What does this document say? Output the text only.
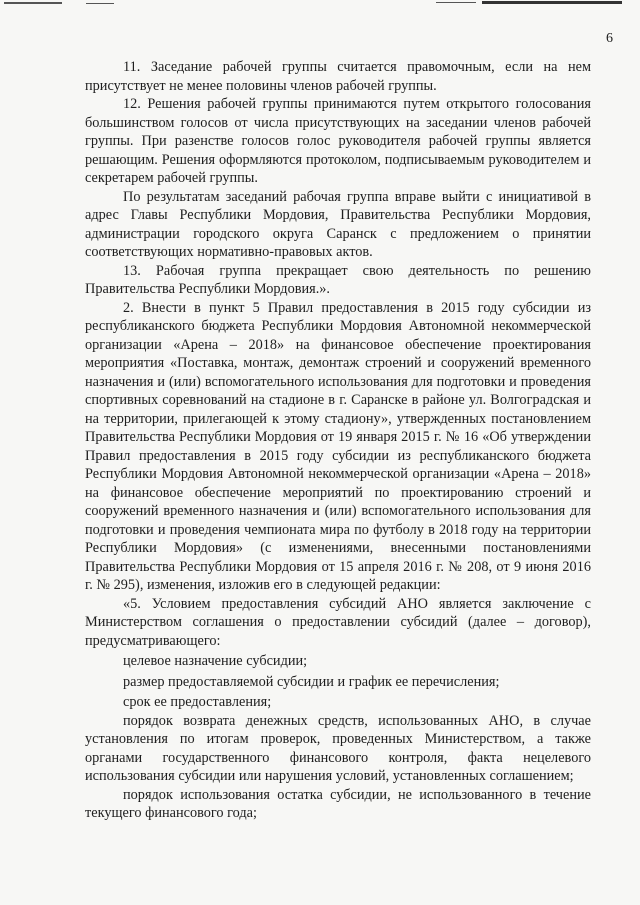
6

11. Заседание рабочей группы считается правомочным, если на нем присутствует не менее половины членов рабочей группы.

12. Решения рабочей группы принимаются путем открытого голосования большинством голосов от числа присутствующих на заседании членов рабочей группы. При разенстве голосов голос руководителя рабочей группы является решающим. Решения оформляются протоколом, подписываемым руководителем и секретарем рабочей группы.

По результатам заседаний рабочая группа вправе выйти с инициативой в адрес Главы Республики Мордовия, Правительства Республики Мордовия, администрации городского округа Саранск с предложением о принятии соответствующих нормативно-правовых актов.

13. Рабочая группа прекращает свою деятельность по решению Правительства Республики Мордовия.».

2. Внести в пункт 5 Правил предоставления в 2015 году субсидии из республиканского бюджета Республики Мордовия Автономной некоммерческой организации «Арена – 2018» на финансовое обеспечение проектирования мероприятия «Поставка, монтаж, демонтаж строений и сооружений временного назначения и (или) вспомогательного использования для подготовки и проведения спортивных соревнований на стадионе в г. Саранске в районе ул. Волгоградская и на территории, прилегающей к этому стадиону», утвержденных постановлением Правительства Республики Мордовия от 19 января 2015 г. № 16 «Об утверждении Правил предоставления в 2015 году субсидии из республиканского бюджета Республики Мордовия Автономной некоммерческой организации «Арена – 2018» на финансовое обеспечение мероприятий по проектированию строений и сооружений временного назначения и (или) вспомогательного использования для подготовки и проведения чемпионата мира по футболу в 2018 году на территории Республики Мордовия» (с изменениями, внесенными постановлениями Правительства Республики Мордовия от 15 апреля 2016 г. № 208, от 9 июня 2016 г. № 295), изменения, изложив его в следующей редакции:

«5. Условием предоставления субсидий АНО является заключение с Министерством соглашения о предоставлении субсидий (далее – договор), предусматривающего:

целевое назначение субсидии;

размер предоставляемой субсидии и график ее перечисления;

срок ее предоставления;

порядок возврата денежных средств, использованных АНО, в случае установления по итогам проверок, проведенных Министерством, а также органами государственного финансового контроля, факта нецелевого использования субсидии или нарушения условий, установленных соглашением;

порядок использования остатка субсидии, не использованного в течение текущего финансового года;
